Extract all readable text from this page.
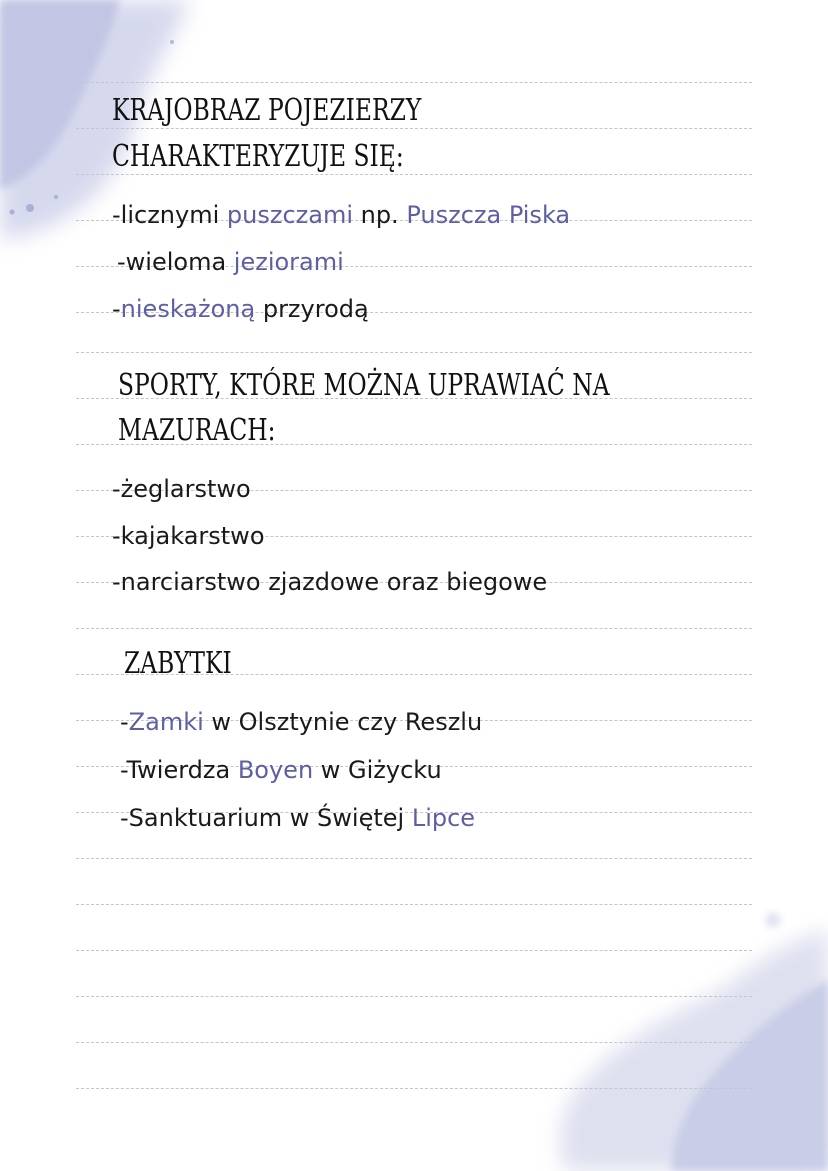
KRAJOBRAZ POJEZIERZY
CHARAKTERYZUJE SIĘ:

-licznymi puszczami np. Puszcza Piska

-wieloma jeziorami

-nieskażoną przyrodą

SPORTY, KTÓRE MOŻNA UPRAWIAĆ NA
MAZURACH:

-żeglarstwo

-kajakarstwo

-narciarstwo zjazdowe oraz biegowe

ZABYTKI

-Zamki w Olsztynie czy Reszlu

-Twierdza Boyen w Giżycku

-Sanktuarium w Świętej Lipce
